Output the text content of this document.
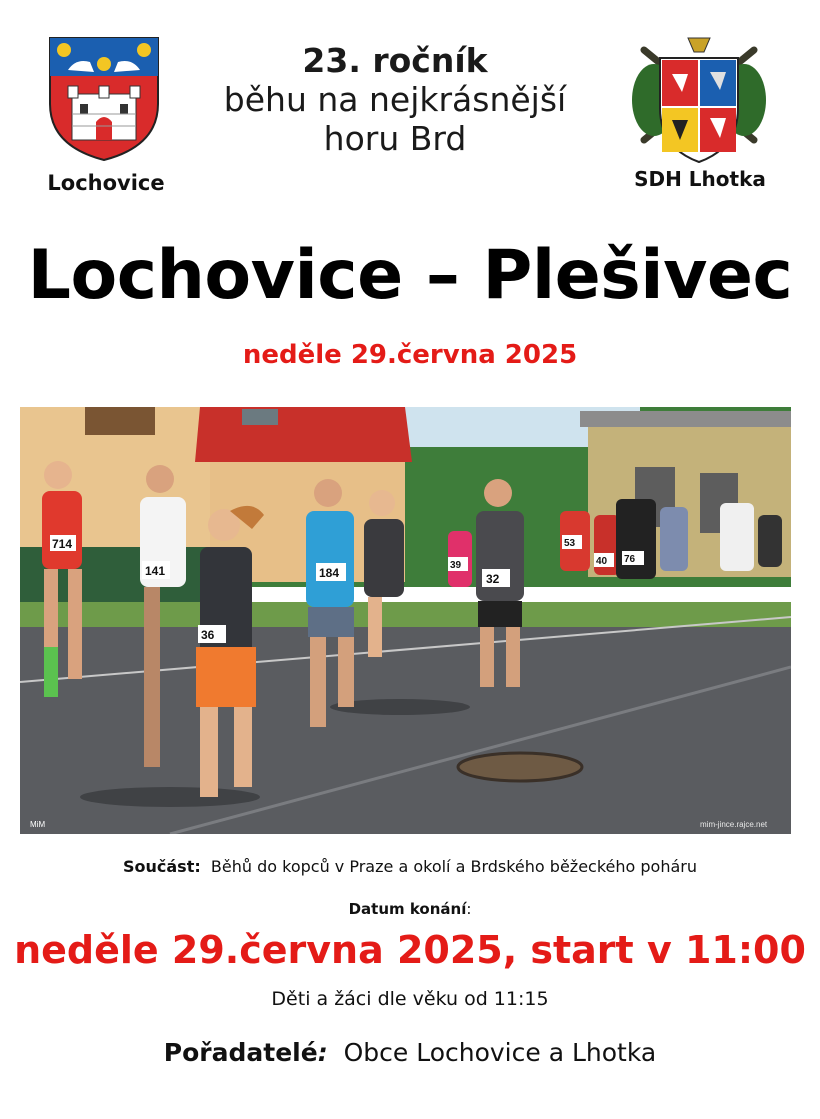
Lochovice
23. ročník
běhu na nejkrásnější
horu Brd
SDH Lhotka
Lochovice – Plešivec
neděle 29.června 2025
714
141
36
184	32
39	40
53
76
MiM	mim-jince.rajce.net
Součást: Běhů do kopců v Praze a okolí a Brdského běžeckého poháru
Datum konání:
neděle 29.června 2025, start v 11:00
Děti a žáci dle věku od 11:15
Pořadatelé: Obce Lochovice a Lhotka
